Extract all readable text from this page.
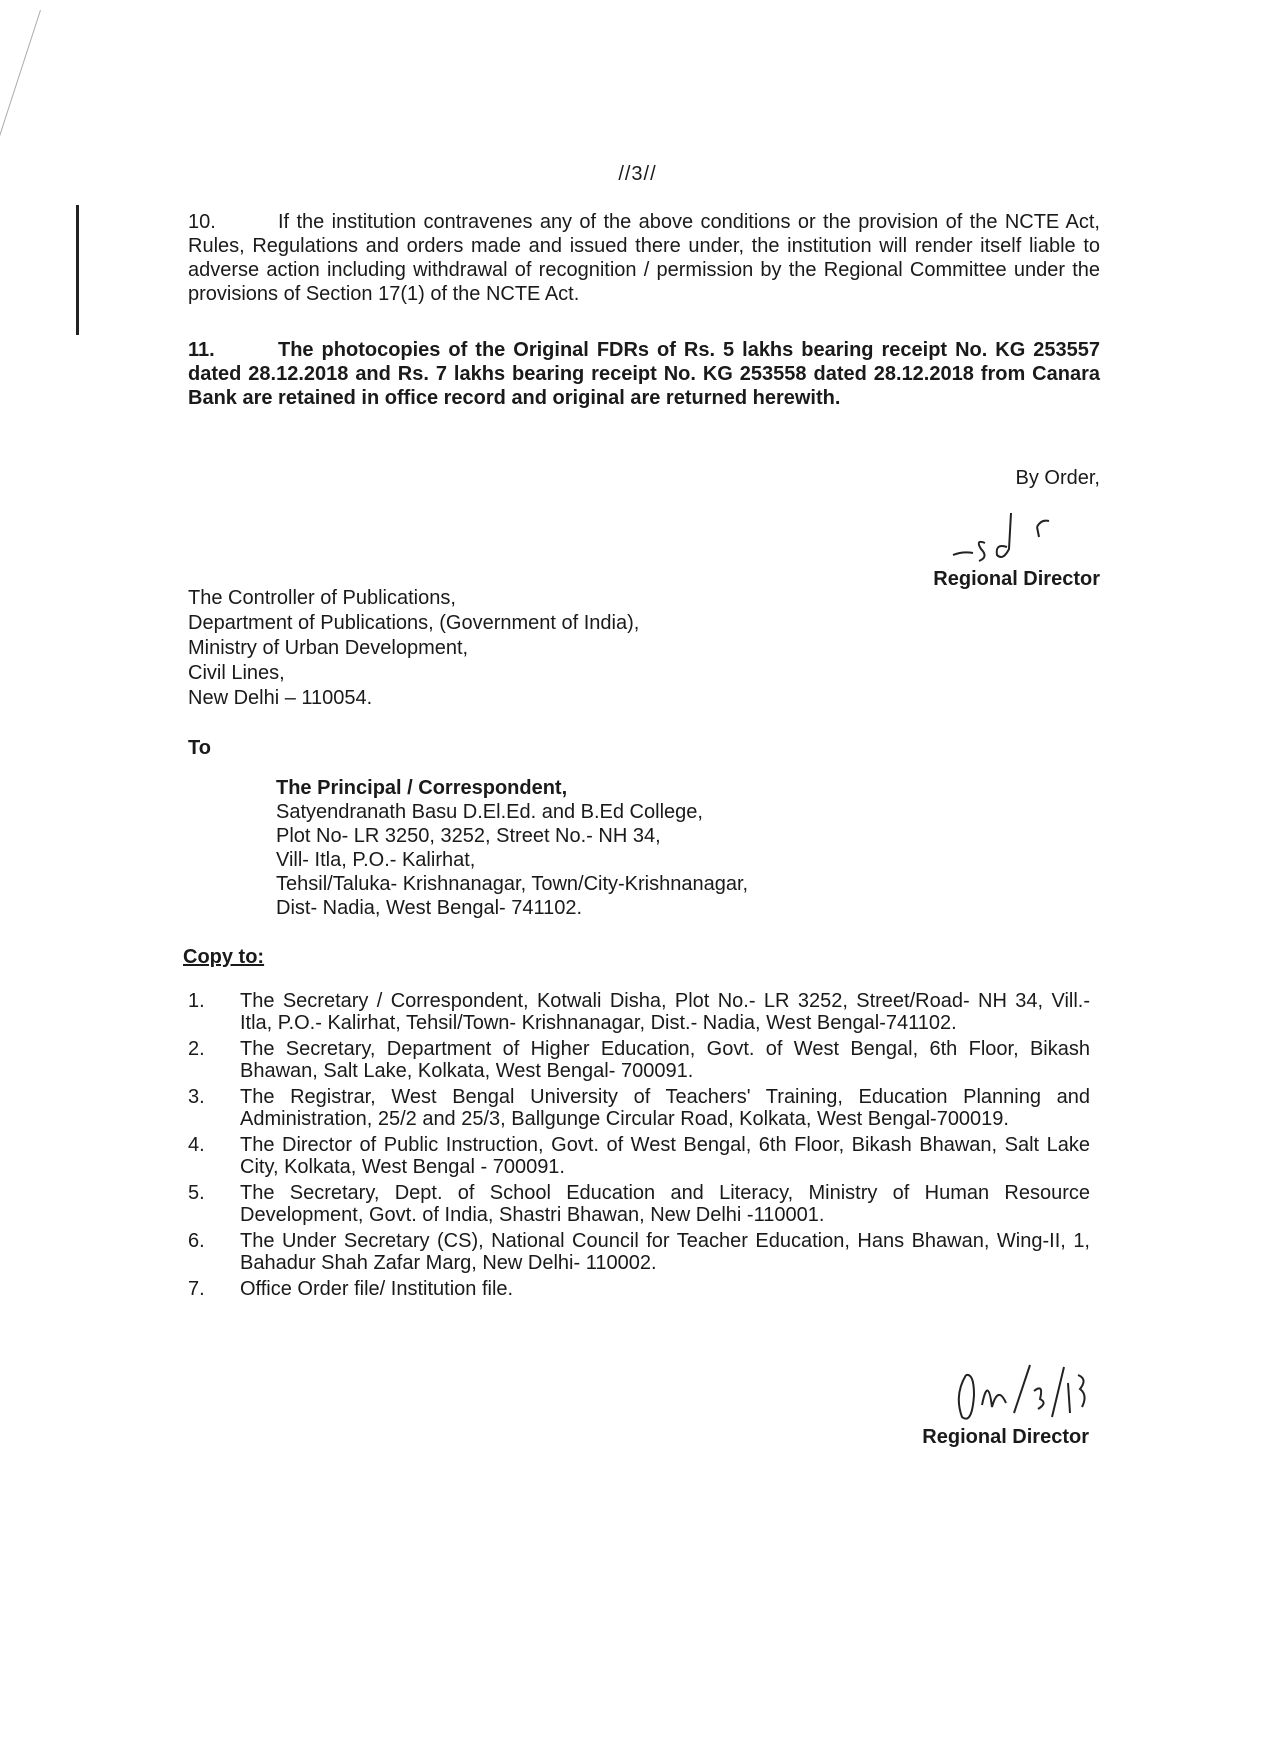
//3//
10.	If the institution contravenes any of the above conditions or the provision of the NCTE Act, Rules, Regulations and orders made and issued there under, the institution will render itself liable to adverse action including withdrawal of recognition / permission by the Regional Committee under the provisions of Section 17(1) of the NCTE Act.
11.	The photocopies of the Original FDRs of Rs. 5 lakhs bearing receipt No. KG 253557 dated 28.12.2018 and Rs. 7 lakhs bearing receipt No. KG 253558 dated 28.12.2018 from Canara Bank are retained in office record and original are returned herewith.
By Order,
Regional Director
The Controller of Publications,
Department of Publications, (Government of India),
Ministry of Urban Development,
Civil Lines,
New Delhi – 110054.
To
The Principal / Correspondent,
Satyendranath Basu D.El.Ed. and B.Ed College,
Plot No- LR 3250, 3252, Street No.- NH 34,
Vill- Itla, P.O.- Kalirhat,
Tehsil/Taluka- Krishnanagar, Town/City-Krishnanagar,
Dist- Nadia, West Bengal- 741102.
Copy to:
1.	The Secretary / Correspondent, Kotwali Disha, Plot No.- LR 3252, Street/Road- NH 34, Vill.- Itla, P.O.- Kalirhat, Tehsil/Town- Krishnanagar, Dist.- Nadia, West Bengal-741102.
2.	The Secretary, Department of Higher Education, Govt. of West Bengal, 6th Floor, Bikash Bhawan, Salt Lake, Kolkata, West Bengal- 700091.
3.	The Registrar, West Bengal University of Teachers' Training, Education Planning and Administration, 25/2 and 25/3, Ballgunge Circular Road, Kolkata, West Bengal-700019.
4.	The Director of Public Instruction, Govt. of West Bengal, 6th Floor, Bikash Bhawan, Salt Lake City, Kolkata, West Bengal - 700091.
5.	The Secretary, Dept. of School Education and Literacy, Ministry of Human Resource Development, Govt. of India, Shastri Bhawan, New Delhi -110001.
6.	The Under Secretary (CS), National Council for Teacher Education, Hans Bhawan, Wing-II, 1, Bahadur Shah Zafar Marg, New Delhi- 110002.
7.	Office Order file/ Institution file.
Regional Director
